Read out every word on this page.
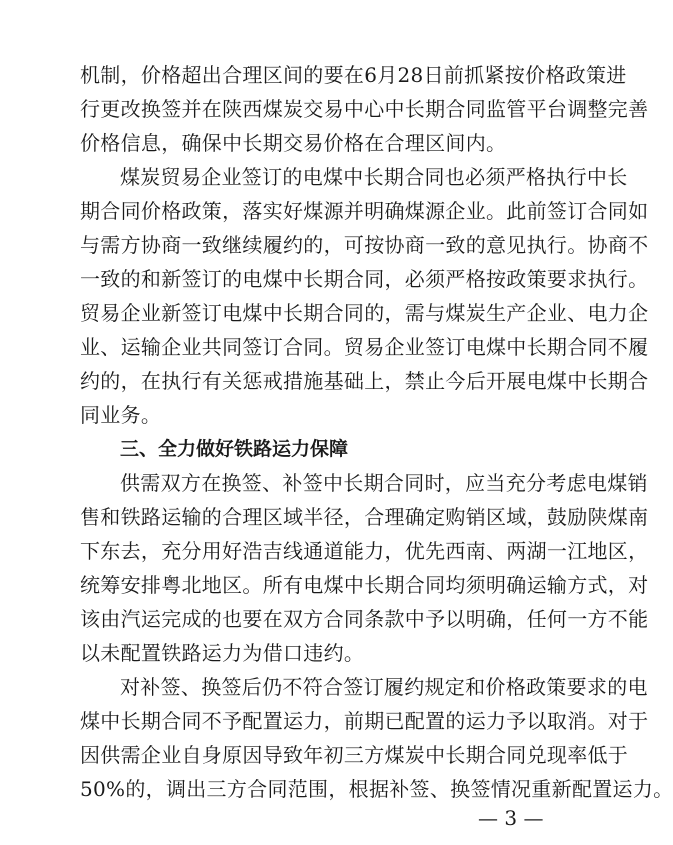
机制，价格超出合理区间的要在6月28日前抓紧按价格政策进
行更改换签并在陕西煤炭交易中心中长期合同监管平台调整完善
价格信息，确保中长期交易价格在合理区间内。
煤炭贸易企业签订的电煤中长期合同也必须严格执行中长
期合同价格政策，落实好煤源并明确煤源企业。此前签订合同如
与需方协商一致继续履约的，可按协商一致的意见执行。协商不
一致的和新签订的电煤中长期合同，必须严格按政策要求执行。
贸易企业新签订电煤中长期合同的，需与煤炭生产企业、电力企
业、运输企业共同签订合同。贸易企业签订电煤中长期合同不履
约的，在执行有关惩戒措施基础上，禁止今后开展电煤中长期合
同业务。
三、全力做好铁路运力保障
供需双方在换签、补签中长期合同时，应当充分考虑电煤销
售和铁路运输的合理区域半径，合理确定购销区域，鼓励陕煤南
下东去，充分用好浩吉线通道能力，优先西南、两湖一江地区，
统筹安排粤北地区。所有电煤中长期合同均须明确运输方式，对
该由汽运完成的也要在双方合同条款中予以明确，任何一方不能
以未配置铁路运力为借口违约。
对补签、换签后仍不符合签订履约规定和价格政策要求的电
煤中长期合同不予配置运力，前期已配置的运力予以取消。对于
因供需企业自身原因导致年初三方煤炭中长期合同兑现率低于
50%的，调出三方合同范围，根据补签、换签情况重新配置运力。
— 3 —
